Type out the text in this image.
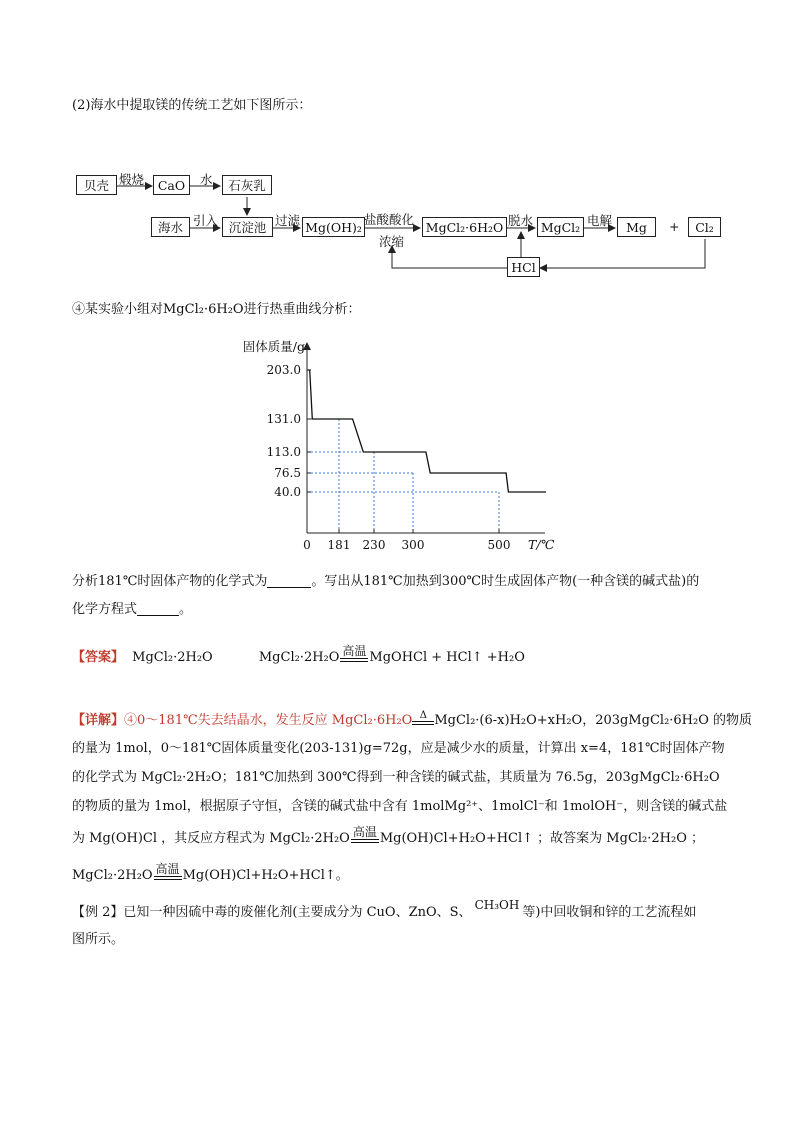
(2)海水中提取镁的传统工艺如下图所示：
贝壳	CaO	石灰乳
海水	沉淀池	Mg(OH)₂	MgCl₂·6H₂O	MgCl₂	Mg	Cl₂
HCl
煅烧	水
引入	过滤	盐酸酸化
浓缩
脱水	电解	+
④某实验小组对MgCl₂·6H₂O进行热重曲线分析：
203.0
131.0
113.0
76.5
40.0
0 181 230 300	500
固体质量/g
T/℃
分析181℃时固体产物的化学式为	。写出从181℃加热到300℃时生成固体产物(一种含镁的碱式盐)的
化学方程式	。
【答案】 MgCl₂·2H₂O	MgCl₂·2H₂O 高温 MgOHCl + HCl↑ +H₂O
【详解】④0～181℃失去结晶水，发生反应 MgCl₂·6H₂O Δ MgCl₂·(6-x)H₂O+xH₂O，203gMgCl₂·6H₂O 的物质
的量为 1mol，0～181℃固体质量变化(203-131)g=72g，应是减少水的质量，计算出 x=4，181℃时固体产物
的化学式为 MgCl₂·2H₂O；181℃加热到 300℃得到一种含镁的碱式盐，其质量为 76.5g，203gMgCl₂·6H₂O
的物质的量为 1mol，根据原子守恒，含镁的碱式盐中含有 1molMg²⁺、1molCl⁻和 1molOH⁻，则含镁的碱式盐
为 Mg(OH)Cl ，其反应方程式为 MgCl₂·2H₂O 高温 Mg(OH)Cl+H₂O+HCl↑ ；故答案为 MgCl₂·2H₂O ；
MgCl₂·2H₂O 高温 Mg(OH)Cl+H₂O+HCl↑。
【例 2】已知一种因硫中毒的废催化剂(主要成分为 CuO、ZnO、S、 CH₃OH 等)中回收铜和锌的工艺流程如
图所示。
